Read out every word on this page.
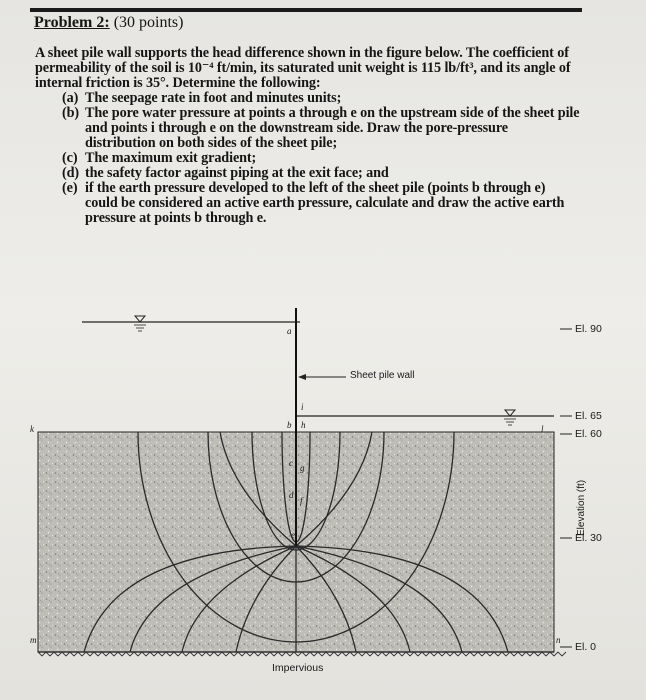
Problem 2: (30 points)

A sheet pile wall supports the head difference shown in the figure below. The coefficient of permeability of the soil is 10⁻⁴ ft/min, its saturated unit weight is 115 lb/ft³, and its angle of internal friction is 35°. Determine the following:

(a) The seepage rate in foot and minutes units;
(b) The pore water pressure at points a through e on the upstream side of the sheet pile and points i through e on the downstream side. Draw the pore-pressure distribution on both sides of the sheet pile;
(c) The maximum exit gradient;
(d) the safety factor against piping at the exit face; and
(e) if the earth pressure developed to the left of the sheet pile (points b through e) could be considered an active earth pressure, calculate and draw the active earth pressure at points b through e.
a
b
c
d
e
f
g
h
i
k	l
m	n
Sheet pile wall
El. 90
El. 65
El. 60
El. 30
El. 0
Elevation (ft)
Impervious
